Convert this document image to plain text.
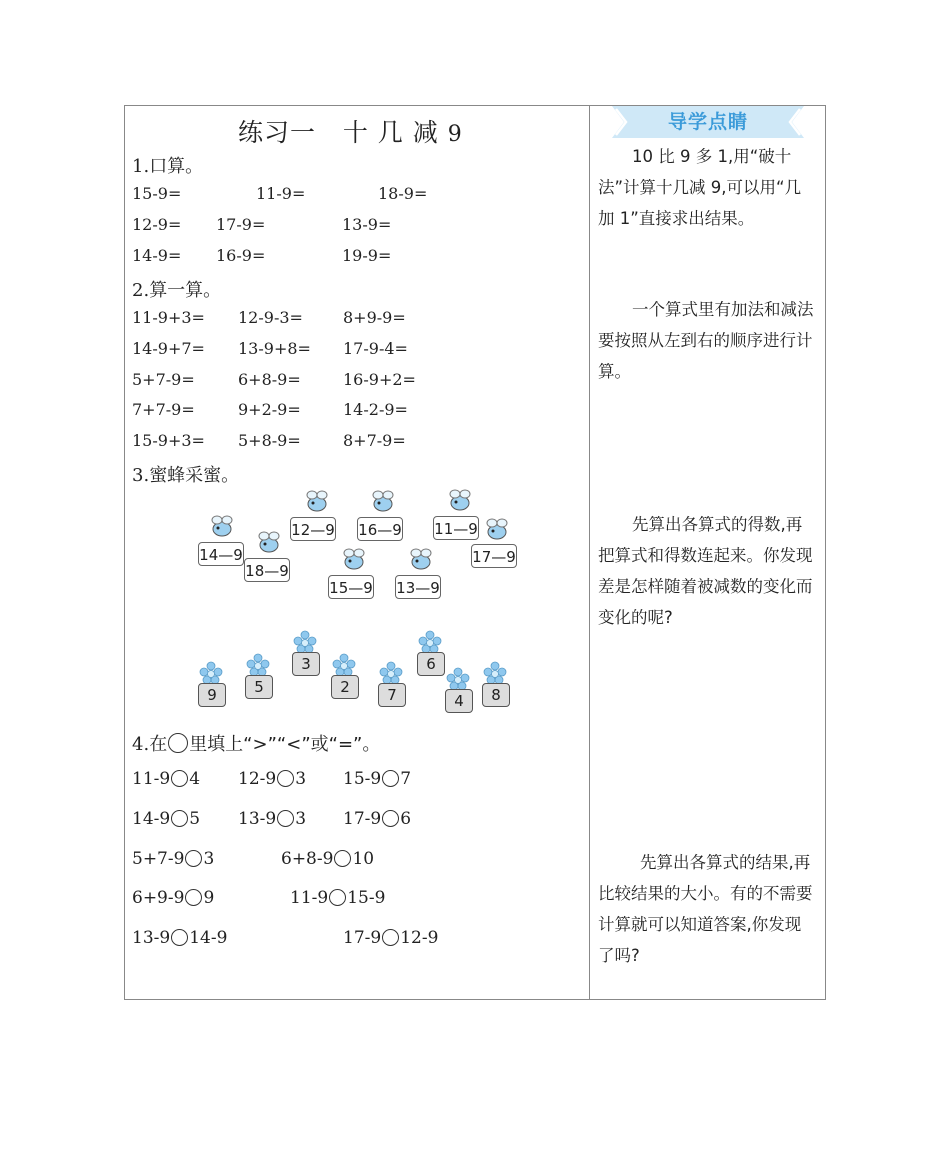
练习一 十 几 减 9
1.口算。
15-9=	11-9=	18-9=
12-9= 17-9=	13-9=
14-9= 16-9=	19-9=
2.算一算。
11-9+3= 12-9-3=	8+9-9=
14-9+7= 13-9+8= 17-9-4=
5+7-9=	6+8-9=	16-9+2=
7+7-9=	9+2-9=	14-2-9=
15-9+3= 5+8-9=	8+7-9=
3.蜜蜂采蜜。
14—9
18—9
12—9 16—9
15—9 13—9
11—9
17—9
9	5
3
2	7
6
4	8
4.在 里填上“>”“<”或“=”。
11-9 4 12-9 3 15-9 7
14-9 5 13-9 3 17-9 6
5+7-9 3	6+8-9 10
6+9-9 9	11-9 15-9
13-9 14-9	17-9 12-9
导学点睛
10 比 9 多 1,用“破十法”计算十几减 9,可以用“几加 1”直接求出结果。
一个算式里有加法和减法要按照从左到右的顺序进行计算。
先算出各算式的得数,再把算式和得数连起来。你发现差是怎样随着被减数的变化而变化的呢?
先算出各算式的结果,再比较结果的大小。有的不需要计算就可以知道答案,你发现了吗?
